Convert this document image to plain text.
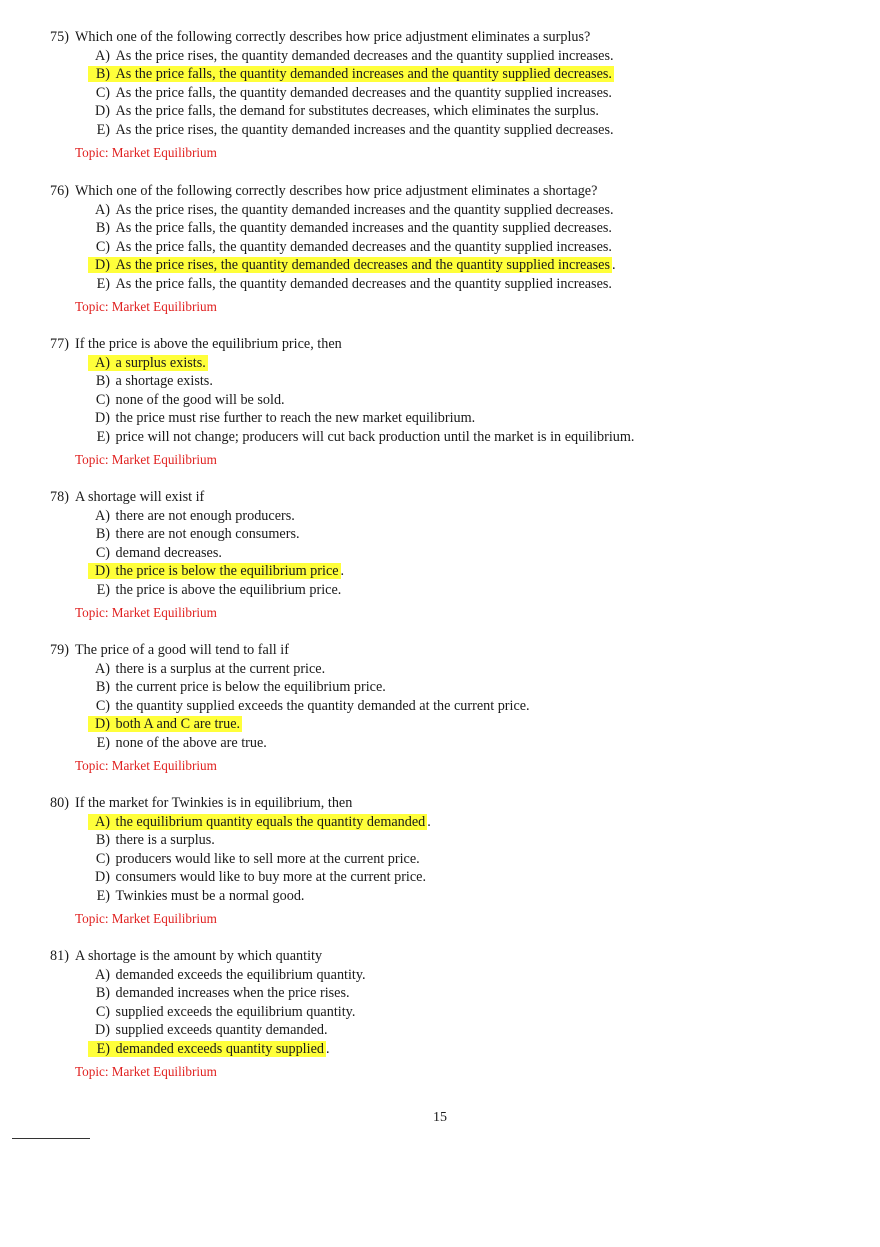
75) Which one of the following correctly describes how price adjustment eliminates a surplus?
A) As the price rises, the quantity demanded decreases and the quantity supplied increases.
B) As the price falls, the quantity demanded increases and the quantity supplied decreases.
C) As the price falls, the quantity demanded decreases and the quantity supplied increases.
D) As the price falls, the demand for substitutes decreases, which eliminates the surplus.
E) As the price rises, the quantity demanded increases and the quantity supplied decreases.
Topic: Market Equilibrium
76) Which one of the following correctly describes how price adjustment eliminates a shortage?
A) As the price rises, the quantity demanded increases and the quantity supplied decreases.
B) As the price falls, the quantity demanded increases and the quantity supplied decreases.
C) As the price falls, the quantity demanded decreases and the quantity supplied increases.
D) As the price rises, the quantity demanded decreases and the quantity supplied increases .
E) As the price falls, the quantity demanded decreases and the quantity supplied increases.
Topic: Market Equilibrium
77) If the price is above the equilibrium price, then
A) a surplus exists.
B) a shortage exists.
C) none of the good will be sold.
D) the price must rise further to reach the new market equilibrium.
E) price will not change; producers will cut back production until the market is in equilibrium.
Topic: Market Equilibrium
78) A shortage will exist if
A) there are not enough producers.
B) there are not enough consumers.
C) demand decreases.
D) the price is below the equilibrium price .
E) the price is above the equilibrium price.
Topic: Market Equilibrium
79) The price of a good will tend to fall if
A) there is a surplus at the current price.
B) the current price is below the equilibrium price.
C) the quantity supplied exceeds the quantity demanded at the current price.
D) both A and C are true.
E) none of the above are true.
Topic: Market Equilibrium
80) If the market for Twinkies is in equilibrium, then
A) the equilibrium quantity equals the quantity demanded .
B) there is a surplus.
C) producers would like to sell more at the current price.
D) consumers would like to buy more at the current price.
E) Twinkies must be a normal good.
Topic: Market Equilibrium
81) A shortage is the amount by which quantity
A) demanded exceeds the equilibrium quantity.
B) demanded increases when the price rises.
C) supplied exceeds the equilibrium quantity.
D) supplied exceeds quantity demanded.
E) demanded exceeds quantity supplied .
Topic: Market Equilibrium
15
